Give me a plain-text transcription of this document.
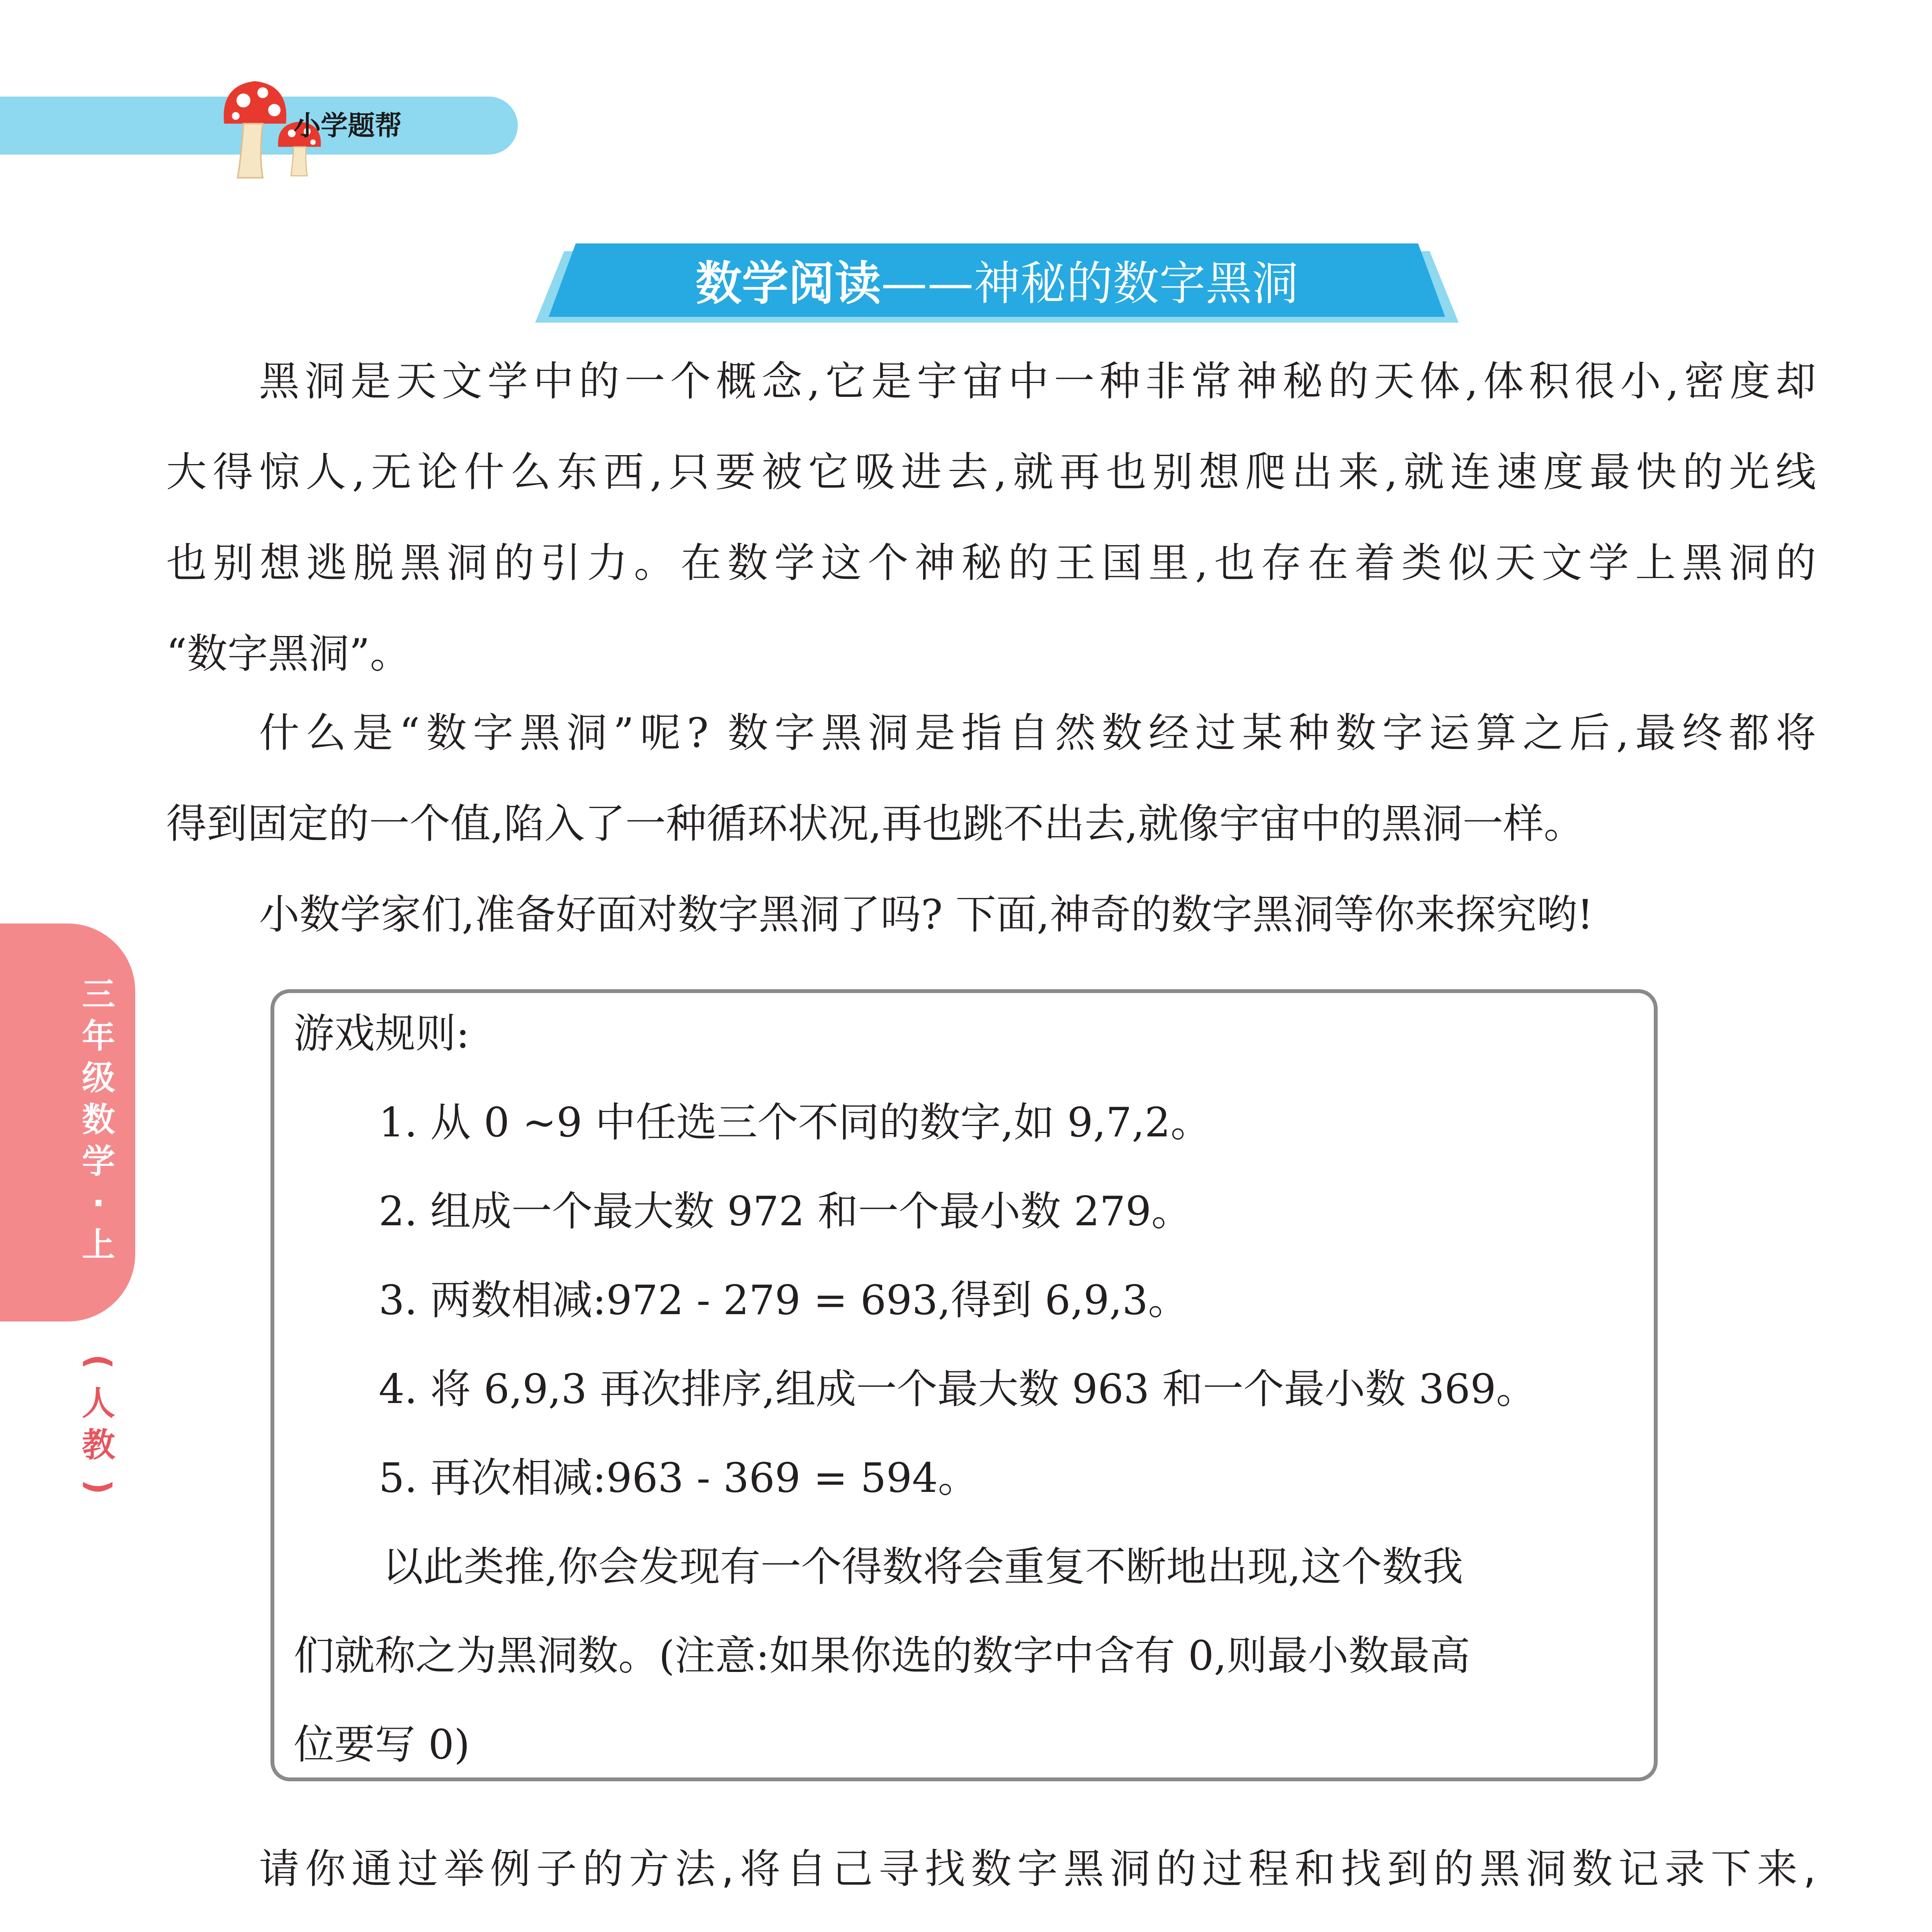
小学题帮
数学阅读——神秘的数字黑洞
黑洞是天文学中的一个概念,它是宇宙中一种非常神秘的天体,体积很小,密度却
大得惊人,无论什么东西,只要被它吸进去,就再也别想爬出来,就连速度最快的光线
也别想逃脱黑洞的引力。在数学这个神秘的王国里,也存在着类似天文学上黑洞的
“数字黑洞”。
什么是“数字黑洞”呢? 数字黑洞是指自然数经过某种数字运算之后,最终都将
得到固定的一个值,陷入了一种循环状况,再也跳不出去,就像宇宙中的黑洞一样。
小数学家们,准备好面对数字黑洞了吗? 下面,神奇的数字黑洞等你来探究哟!
三
年
级
数
学
·
上
(
人
教
)
游戏规则:
1. 从 0 ~9 中任选三个不同的数字,如 9,7,2。
2. 组成一个最大数 972 和一个最小数 279。
3. 两数相减:972 - 279 = 693,得到 6,9,3。
4. 将 6,9,3 再次排序,组成一个最大数 963 和一个最小数 369。
5. 再次相减:963 - 369 = 594。
以此类推,你会发现有一个得数将会重复不断地出现,这个数我
们就称之为黑洞数。(注意:如果你选的数字中含有 0,则最小数最高
位要写 0)
请你通过举例子的方法,将自己寻找数字黑洞的过程和找到的黑洞数记录下来,
